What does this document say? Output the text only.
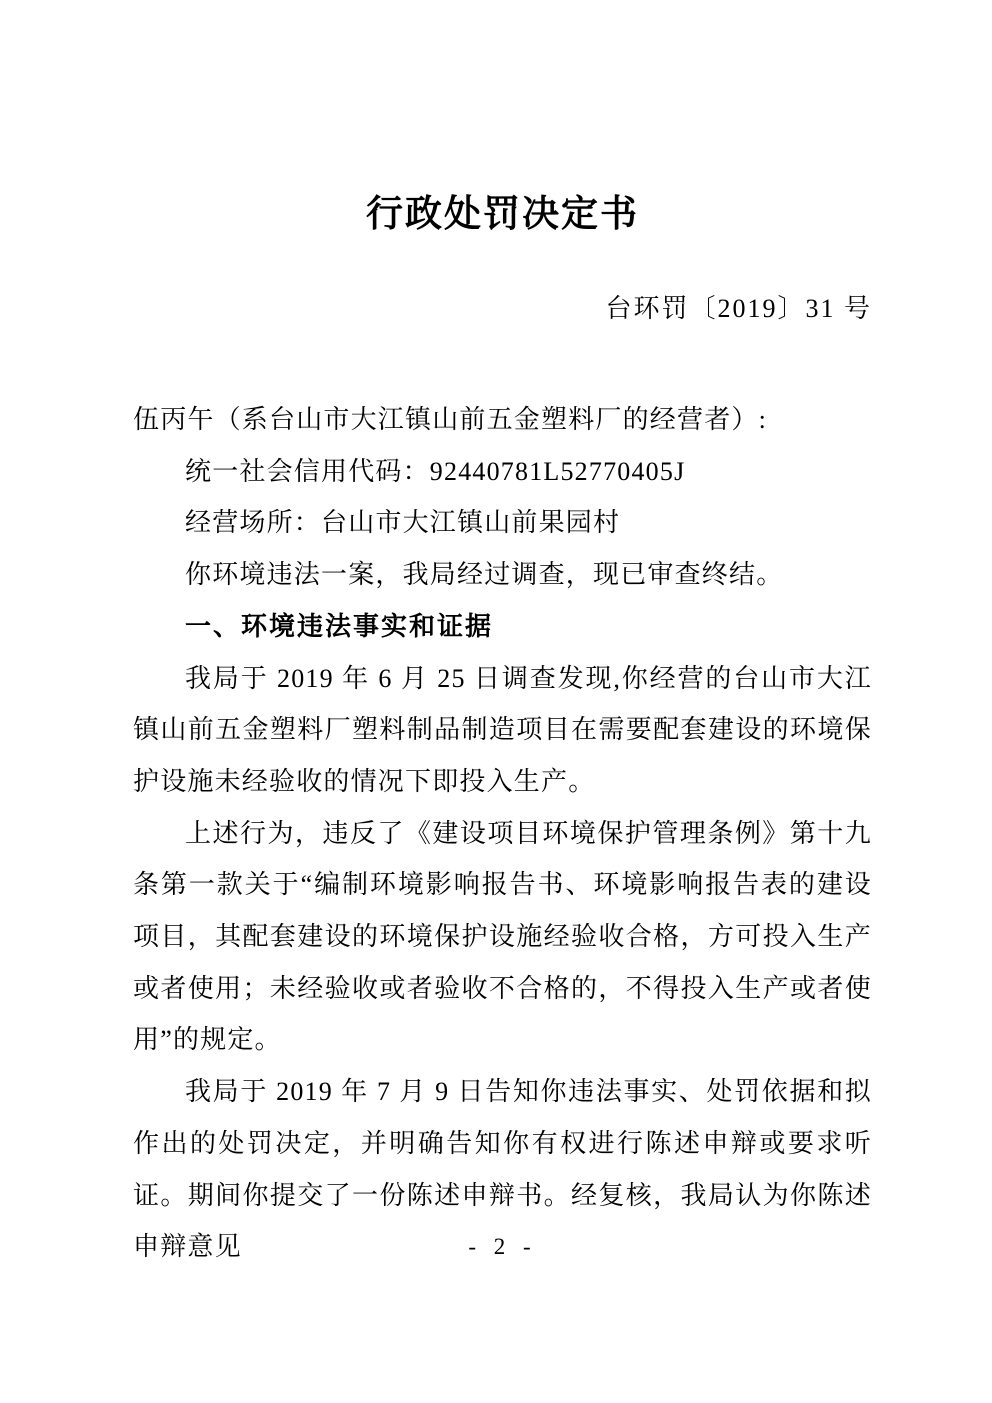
行政处罚决定书
台环罚〔2019〕31 号

伍丙午（系台山市大江镇山前五金塑料厂的经营者）:

统一社会信用代码：92440781L52770405J

经营场所：台山市大江镇山前果园村

你环境违法一案，我局经过调查，现已审查终结。

一、环境违法事实和证据

我局于 2019 年 6 月 25 日调查发现,你经营的台山市大江镇山前五金塑料厂塑料制品制造项目在需要配套建设的环境保护设施未经验收的情况下即投入生产。

上述行为，违反了《建设项目环境保护管理条例》第十九条第一款关于“编制环境影响报告书、环境影响报告表的建设项目，其配套建设的环境保护设施经验收合格，方可投入生产或者使用；未经验收或者验收不合格的，不得投入生产或者使用”的规定。

我局于 2019 年 7 月 9 日告知你违法事实、处罚依据和拟作出的处罚决定，并明确告知你有权进行陈述申辩或要求听证。期间你提交了一份陈述申辩书。经复核，我局认为你陈述申辩意见	- 2 -
